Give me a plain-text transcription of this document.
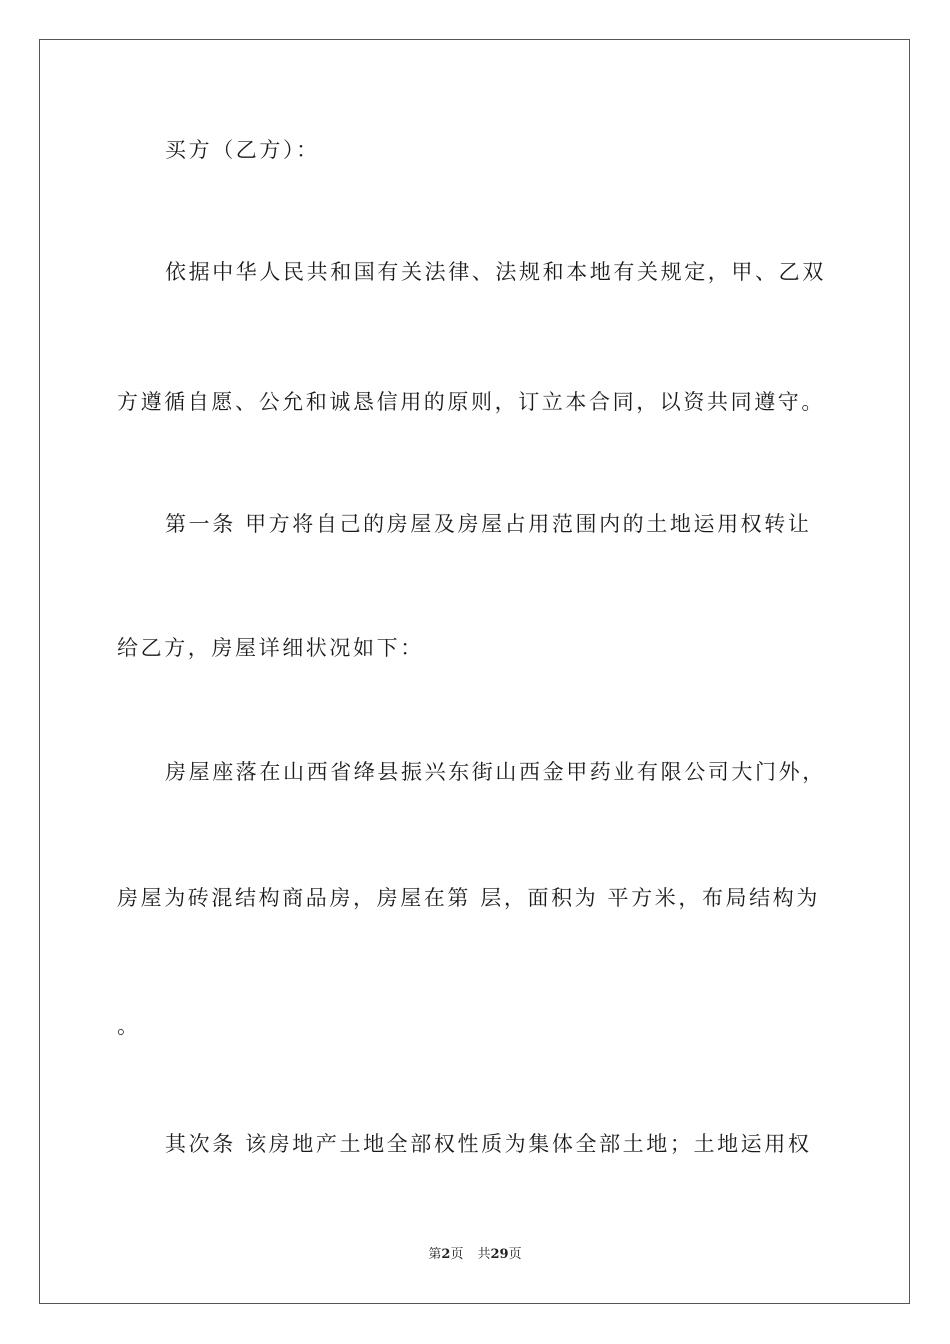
买方（乙方）：

依据中华人民共和国有关法律、法规和本地有关规定，甲、乙双

方遵循自愿、公允和诚恳信用的原则，订立本合同，以资共同遵守。

第一条 甲方将自己的房屋及房屋占用范围内的土地运用权转让

给乙方，房屋详细状况如下：

房屋座落在山西省绛县振兴东街山西金甲药业有限公司大门外，

房屋为砖混结构商品房，房屋在第 层，面积为 平方米，布局结构为

。

其次条 该房地产土地全部权性质为集体全部土地；土地运用权

第2页 共29页
